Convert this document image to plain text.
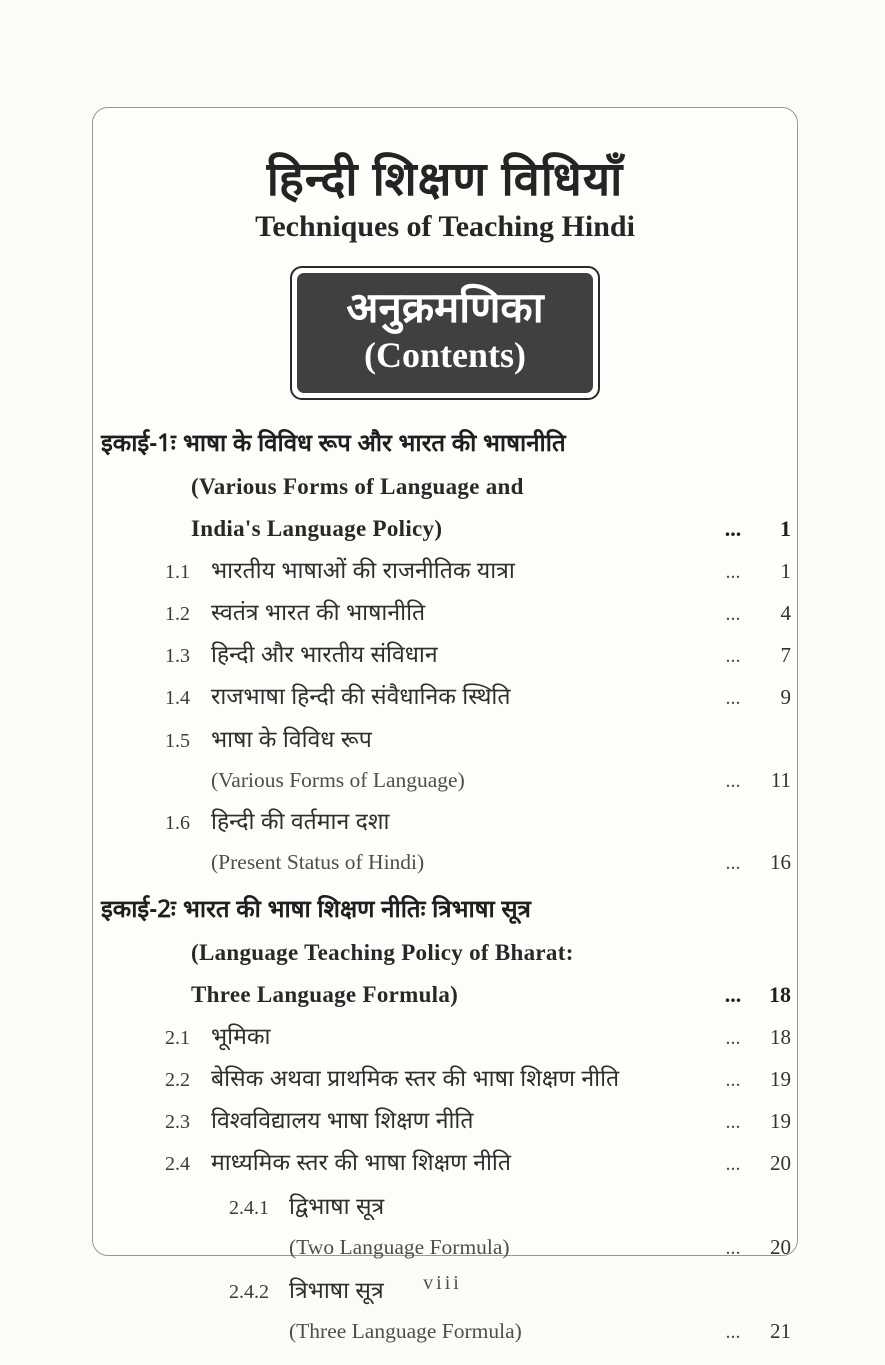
हिन्दी शिक्षण विधियाँ
Techniques of Teaching Hindi
अनुक्रमणिका
(Contents)
इकाई-1ः भाषा के विविध रूप और भारत की भाषानीति
(Various Forms of Language and
India's Language Policy)	...	1
1.1 भारतीय भाषाओं की राजनीतिक यात्रा	...	1
1.2 स्वतंत्र भारत की भाषानीति	...	4
1.3 हिन्दी और भारतीय संविधान	...	7
1.4 राजभाषा हिन्दी की संवैधानिक स्थिति	...	9
1.5 भाषा के विविध रूप
(Various Forms of Language)	...	11
1.6 हिन्दी की वर्तमान दशा
(Present Status of Hindi)	...	16
इकाई-2ः भारत की भाषा शिक्षण नीतिः त्रिभाषा सूत्र
(Language Teaching Policy of Bharat:
Three Language Formula)	...	18
2.1 भूमिका	...	18
2.2 बेसिक अथवा प्राथमिक स्तर की भाषा शिक्षण नीति	...	19
2.3 विश्वविद्यालय भाषा शिक्षण नीति	...	19
2.4 माध्यमिक स्तर की भाषा शिक्षण नीति	...	20
2.4.1 द्विभाषा सूत्र
(Two Language Formula)	...	20
2.4.2 त्रिभाषा सूत्र
(Three Language Formula)	...	21
viii
